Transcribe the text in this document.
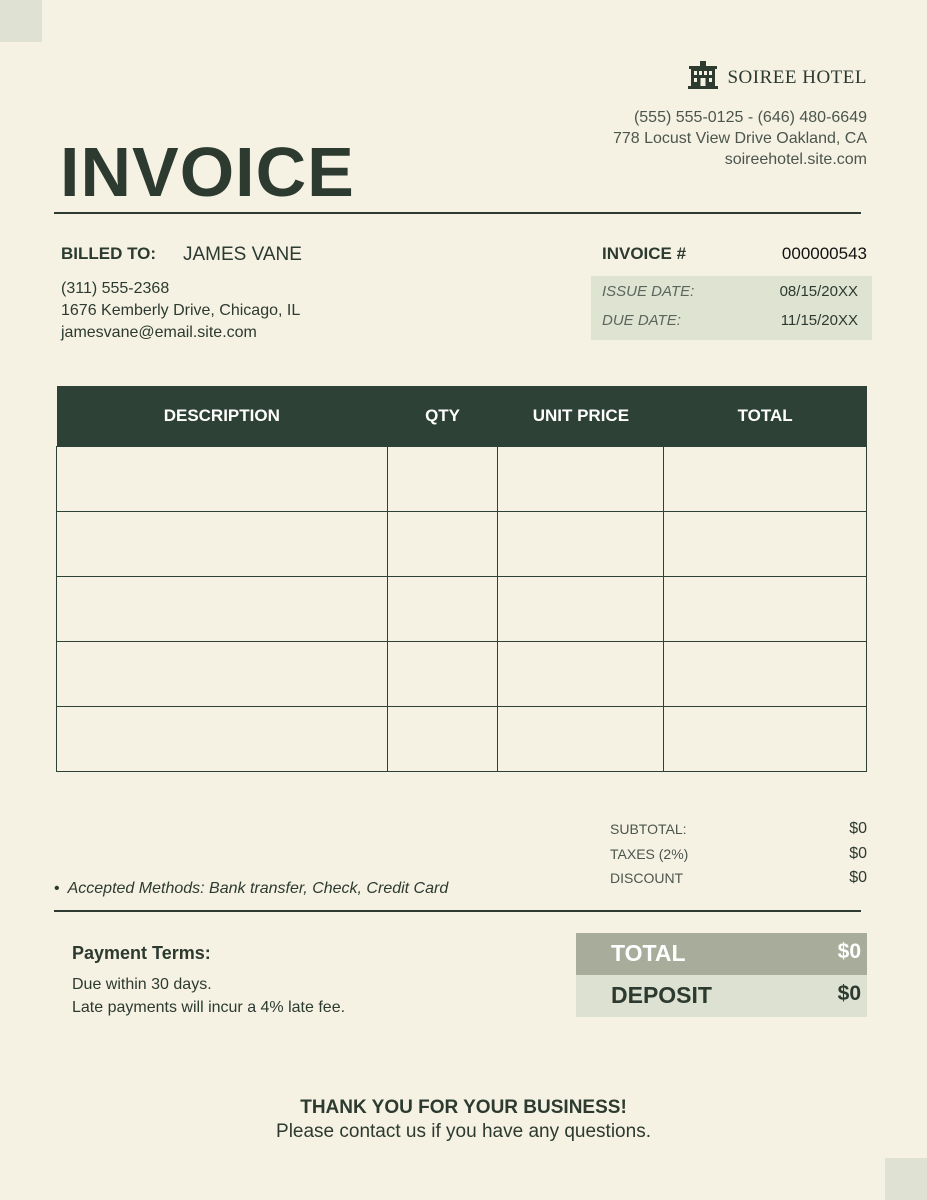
SOIREE HOTEL
(555) 555-0125 - (646) 480-6649
778 Locust View Drive Oakland, CA
soireehotel.site.com
INVOICE
BILLED TO: JAMES VANE
(311) 555-2368
1676 Kemberly Drive, Chicago, IL
jamesvane@email.site.com
INVOICE #	000000543
ISSUE DATE:	08/15/20XX
DUE DATE:	11/15/20XX
DESCRIPTION	QTY	UNIT PRICE	TOTAL

SUBTOTAL:	$0
TAXES (2%)	$0
DISCOUNT	$0
• Accepted Methods: Bank transfer, Check, Credit Card
Payment Terms:
Due within 30 days.
Late payments will incur a 4% late fee.
TOTAL	$0
DEPOSIT	$0
THANK YOU FOR YOUR BUSINESS!
Please contact us if you have any questions.
